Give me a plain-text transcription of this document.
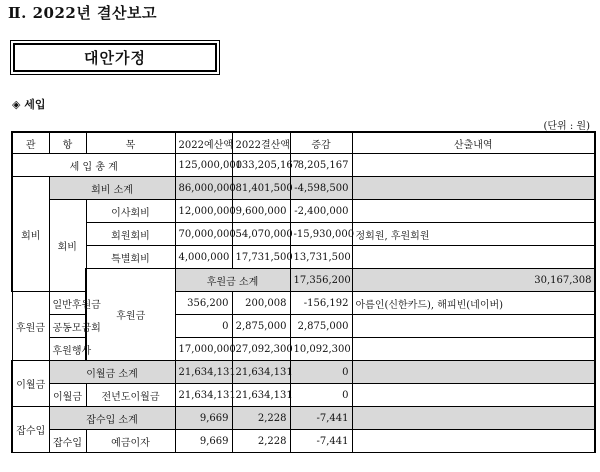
Ⅱ. 2022년 결산보고
대안가정
◈ 세입
(단위 : 원)
관	항	목	2022예산액	2022결산액	증감	산출내역	
세 입 총 계			125,000,000	133,205,167	8,205,167		
회비	회비 소계		86,000,000	81,401,500	-4,598,500		
	회비	이사회비	12,000,000	9,600,000	-2,400,000		
		회원회비	70,000,000	54,070,000	-15,930,000	정회원, 후원회원	
		특별회비	4,000,000	17,731,500	13,731,500		
		후원금	후원금 소계		17,356,200	30,167,308		
후원금	일반후원금		356,200	200,008	-156,192	아름인(신한카드), 해피빈(네이버)	
	공동모금회		0	2,875,000	2,875,000		
	후원행사		17,000,000	27,092,300	10,092,300		
이월금	이월금 소계		21,634,131	21,634,131	0		
	이월금	전년도이월금	21,634,131	21,634,131	0		
잡수입	잡수입 소계		9,669	2,228	-7,441		
	잡수입	예금이자	9,669	2,228	-7,441		
